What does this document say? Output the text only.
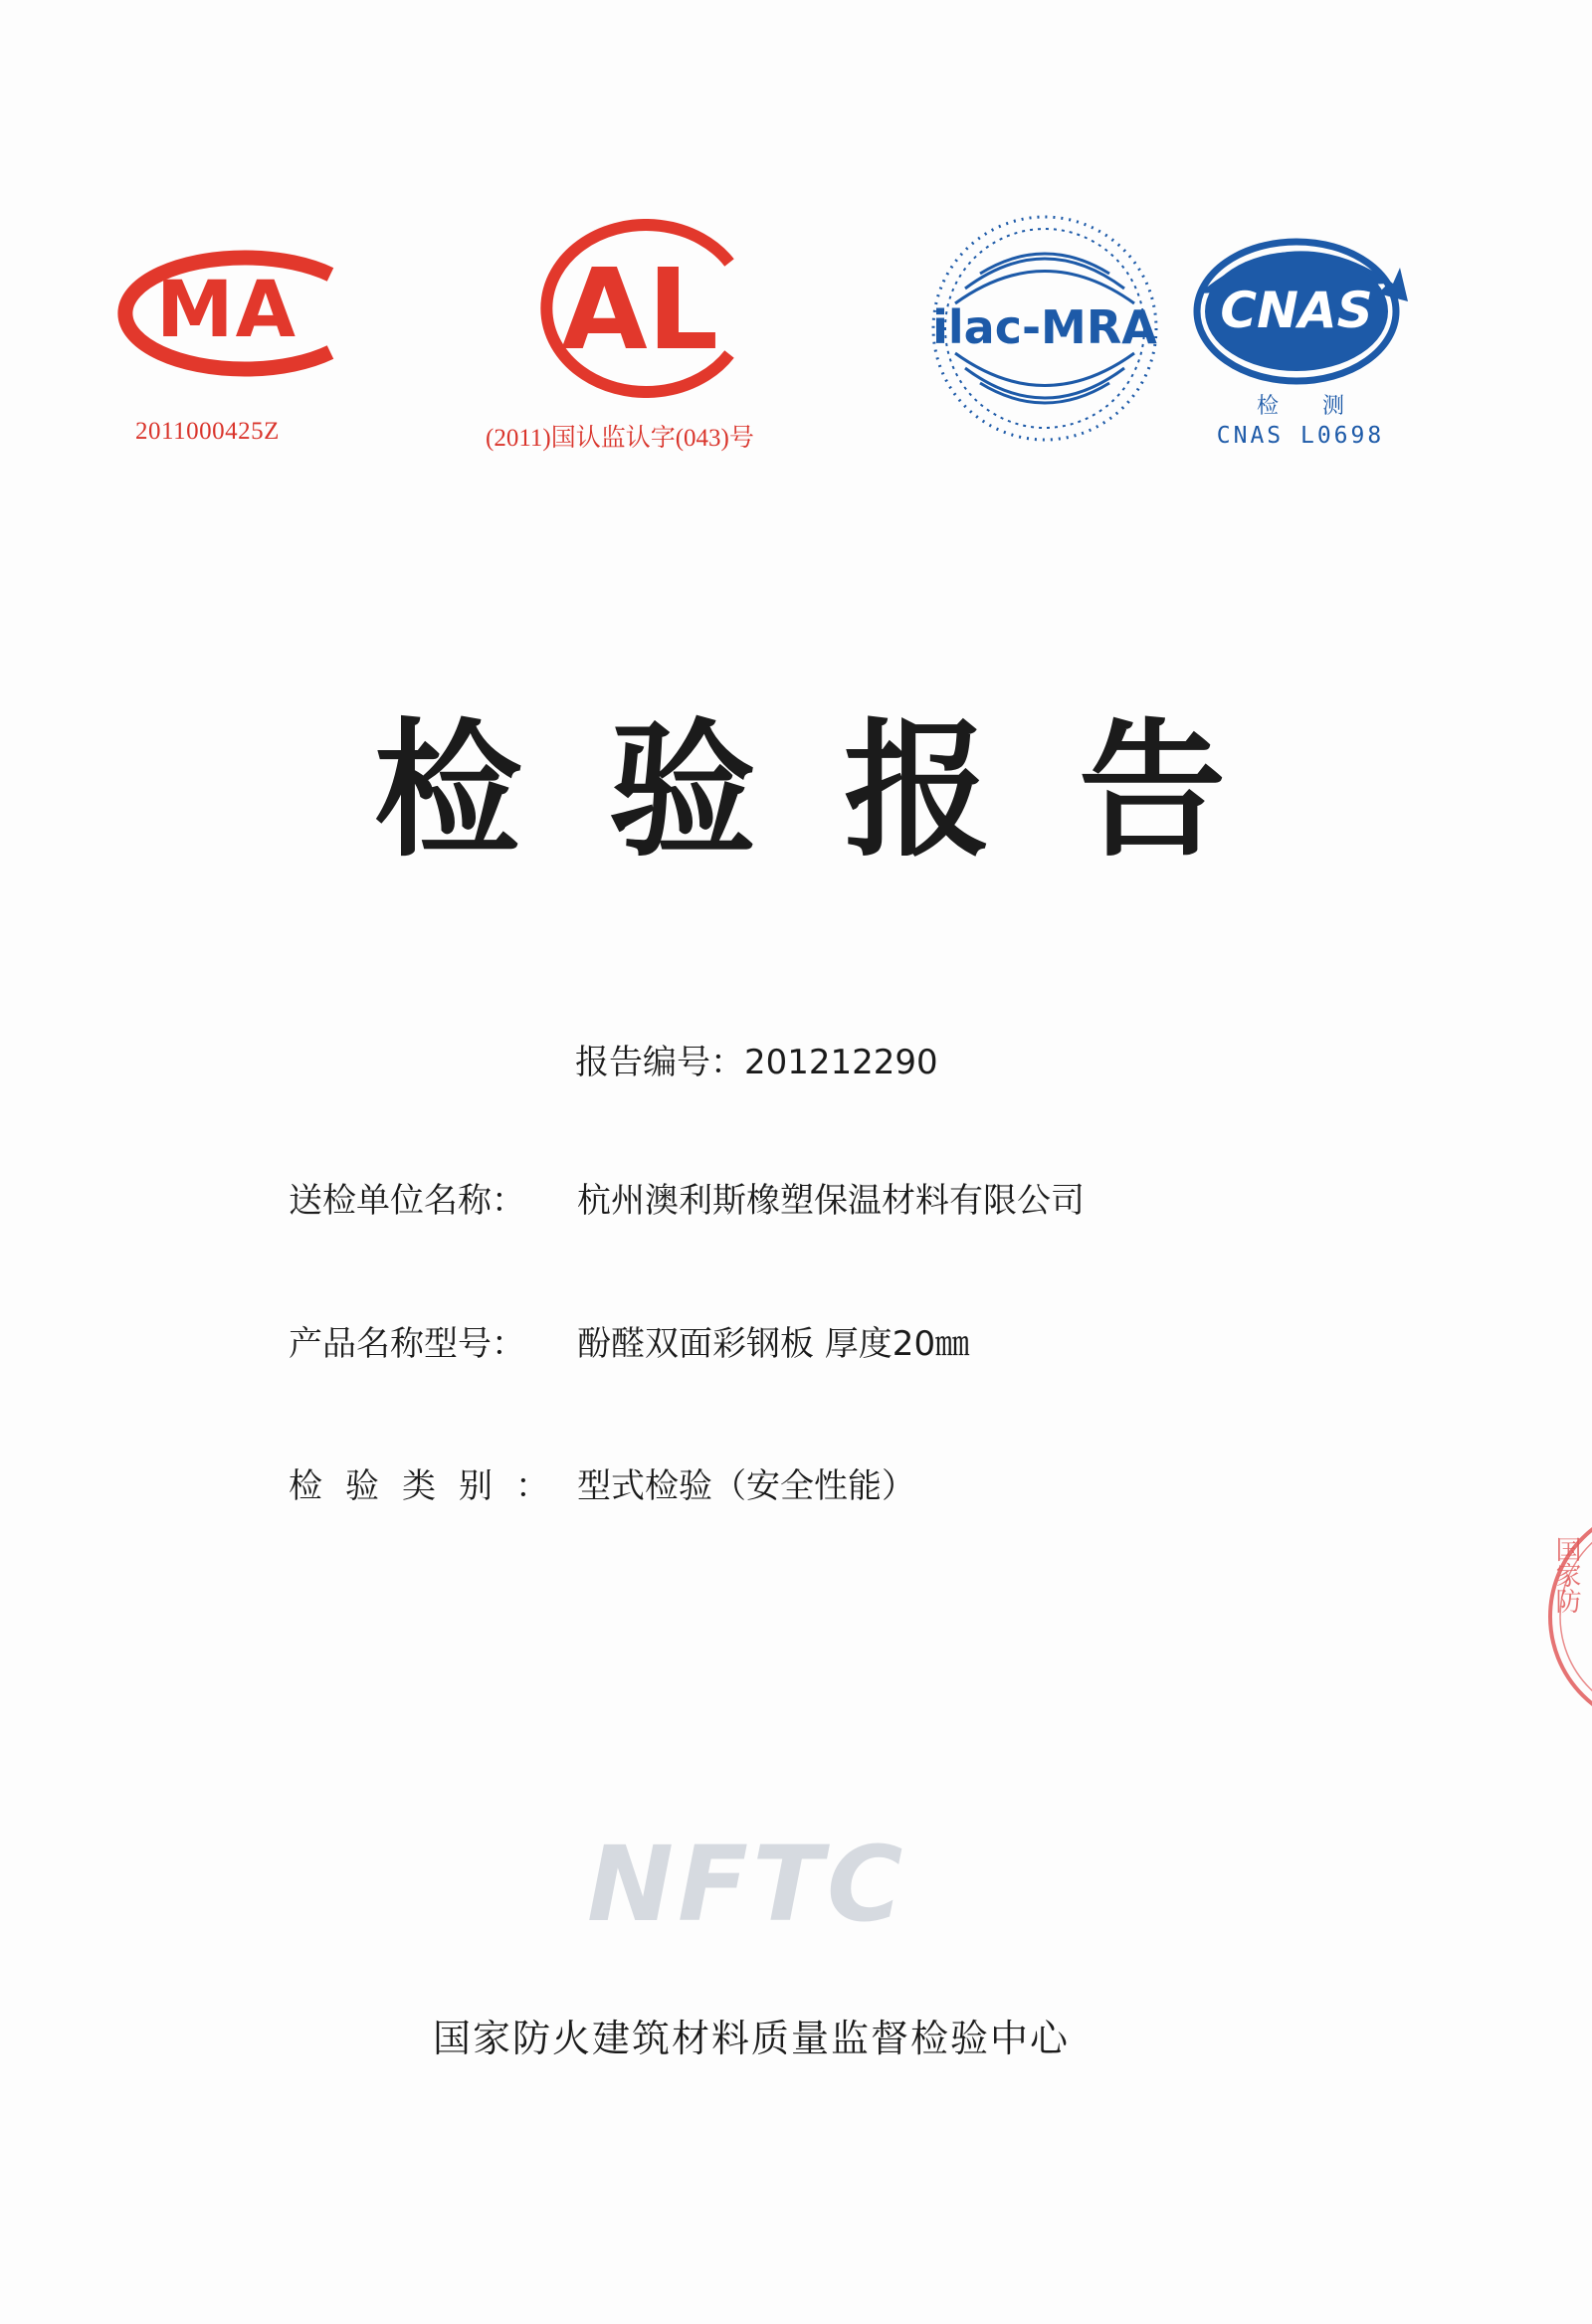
MA
2011000425Z
AL
(2011)国认监认字(043)号
ilac-MRA CNAS
检测
CNAS L0698
检验报告
报告编号：201212290
送检单位名称： 杭州澳利斯橡塑保温材料有限公司
产品名称型号： 酚醛双面彩钢板 厚度20㎜
检验类别： 型式检验（安全性能）
NFTC
国家防火建筑材料质量监督检验中心
国家防
